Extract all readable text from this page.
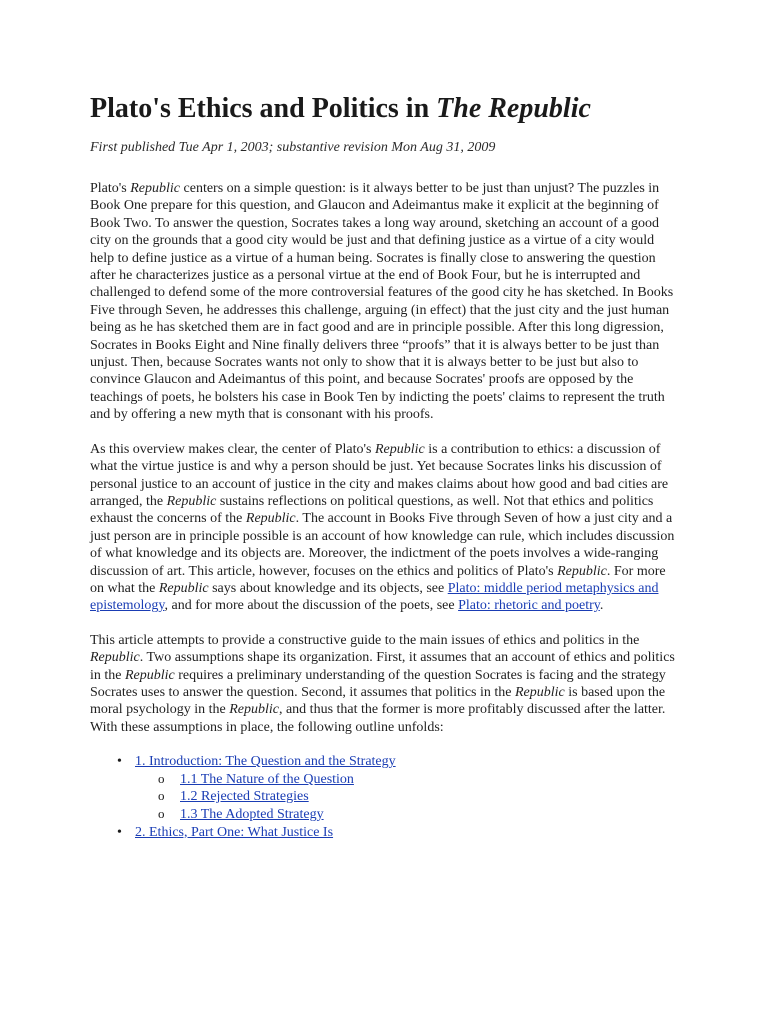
Plato's Ethics and Politics in The Republic
First published Tue Apr 1, 2003; substantive revision Mon Aug 31, 2009

Plato's Republic centers on a simple question: is it always better to be just than unjust? The puzzles in Book One prepare for this question, and Glaucon and Adeimantus make it explicit at the beginning of Book Two. To answer the question, Socrates takes a long way around, sketching an account of a good city on the grounds that a good city would be just and that defining justice as a virtue of a city would help to define justice as a virtue of a human being. Socrates is finally close to answering the question after he characterizes justice as a personal virtue at the end of Book Four, but he is interrupted and challenged to defend some of the more controversial features of the good city he has sketched. In Books Five through Seven, he addresses this challenge, arguing (in effect) that the just city and the just human being as he has sketched them are in fact good and are in principle possible. After this long digression, Socrates in Books Eight and Nine finally delivers three “proofs” that it is always better to be just than unjust. Then, because Socrates wants not only to show that it is always better to be just but also to convince Glaucon and Adeimantus of this point, and because Socrates' proofs are opposed by the teachings of poets, he bolsters his case in Book Ten by indicting the poets' claims to represent the truth and by offering a new myth that is consonant with his proofs.

As this overview makes clear, the center of Plato's Republic is a contribution to ethics: a discussion of what the virtue justice is and why a person should be just. Yet because Socrates links his discussion of personal justice to an account of justice in the city and makes claims about how good and bad cities are arranged, the Republic sustains reflections on political questions, as well. Not that ethics and politics exhaust the concerns of the Republic. The account in Books Five through Seven of how a just city and a just person are in principle possible is an account of how knowledge can rule, which includes discussion of what knowledge and its objects are. Moreover, the indictment of the poets involves a wide-ranging discussion of art. This article, however, focuses on the ethics and politics of Plato's Republic. For more on what the Republic says about knowledge and its objects, see Plato: middle period metaphysics and epistemology, and for more about the discussion of the poets, see Plato: rhetoric and poetry.

This article attempts to provide a constructive guide to the main issues of ethics and politics in the Republic. Two assumptions shape its organization. First, it assumes that an account of ethics and politics in the Republic requires a preliminary understanding of the question Socrates is facing and the strategy Socrates uses to answer the question. Second, it assumes that politics in the Republic is based upon the moral psychology in the Republic, and thus that the former is more profitably discussed after the latter. With these assumptions in place, the following outline unfolds:

• 1. Introduction: The Question and the Strategy
o 1.1 The Nature of the Question
o 1.2 Rejected Strategies
o 1.3 The Adopted Strategy
• 2. Ethics, Part One: What Justice Is
